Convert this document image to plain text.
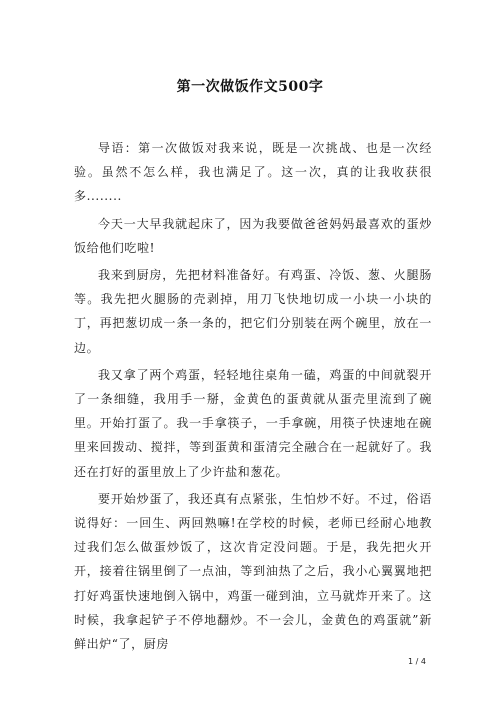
第一次做饭作文500字

导语：第一次做饭对我来说，既是一次挑战、也是一次经验。虽然不怎么样，我也满足了。这一次，真的让我收获很多........

今天一大早我就起床了，因为我要做爸爸妈妈最喜欢的蛋炒饭给他们吃啦!

我来到厨房，先把材料准备好。有鸡蛋、冷饭、葱、火腿肠等。我先把火腿肠的壳剥掉，用刀飞快地切成一小块一小块的丁，再把葱切成一条一条的，把它们分别装在两个碗里，放在一边。

我又拿了两个鸡蛋，轻轻地往桌角一磕，鸡蛋的中间就裂开了一条细缝，我用手一掰，金黄色的蛋黄就从蛋壳里流到了碗里。开始打蛋了。我一手拿筷子，一手拿碗，用筷子快速地在碗里来回拨动、搅拌，等到蛋黄和蛋清完全融合在一起就好了。我还在打好的蛋里放上了少许盐和葱花。

要开始炒蛋了，我还真有点紧张，生怕炒不好。不过，俗语说得好：一回生、两回熟嘛!在学校的时候，老师已经耐心地教过我们怎么做蛋炒饭了，这次肯定没问题。于是，我先把火开开，接着往锅里倒了一点油，等到油热了之后，我小心翼翼地把打好鸡蛋快速地倒入锅中，鸡蛋一碰到油，立马就炸开来了。这时候，我拿起铲子不停地翻炒。不一会儿，金黄色的鸡蛋就”新鲜出炉“了，厨房

1 / 4
